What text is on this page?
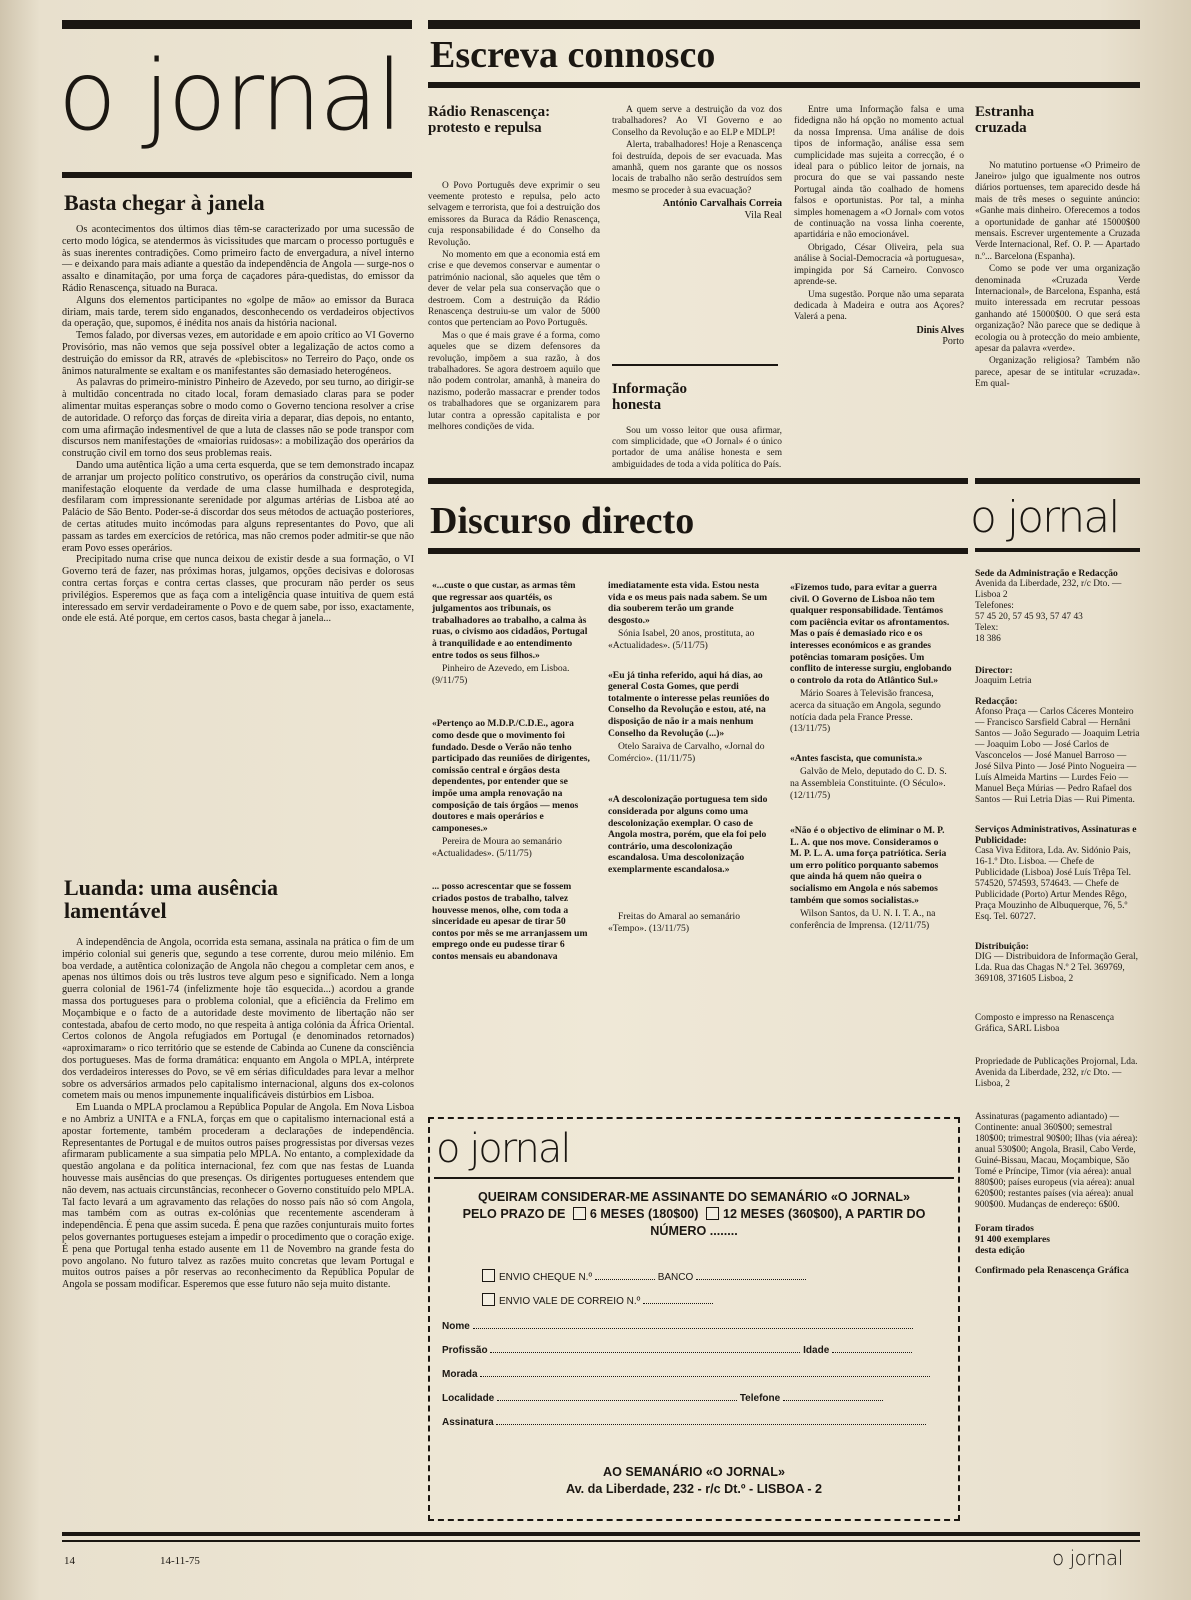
o jornal Escreva connosco
Rádio Renascença: protesto e repulsa

O Povo Português deve exprimir o seu veemente protesto e repulsa, pelo acto selvagem e terrorista, que foi a destruição dos emissores da Buraca da Rádio Renascença, cuja responsabilidade é do Conselho da Revolução.

No momento em que a economia está em crise e que devemos conservar e aumentar o património nacional, são aqueles que têm o dever de velar pela sua conservação que o destroem. Com a destruição da Rádio Renascença destruiu-se um valor de 5000 contos que pertenciam ao Povo Português.

Mas o que é mais grave é a forma, como aqueles que se dizem defensores da revolução, impõem a sua razão, à dos trabalhadores. Se agora destroem aquilo que não podem controlar, amanhã, à maneira do nazismo, poderão massacrar e prender todos os trabalhadores que se organizarem para lutar contra a opressão capitalista e por melhores condições de vida.

A quem serve a destruição da voz dos trabalhadores? Ao VI Governo e ao Conselho da Revolução e ao ELP e MDLP!

Alerta, trabalhadores! Hoje a Renascença foi destruída, depois de ser evacuada. Mas amanhã, quem nos garante que os nossos locais de trabalho não serão destruídos sem mesmo se proceder à sua evacuação?

António Carvalhais Correia
Vila Real
Informação honesta

Sou um vosso leitor que ousa afirmar, com simplicidade, que «O Jornal» é o único portador de uma análise honesta e sem ambiguidades de toda a vida política do País.

Entre uma Informação falsa e uma fidedigna não há opção no momento actual da nossa Imprensa. Uma análise de dois tipos de informação, análise essa sem cumplicidade mas sujeita a correcção, é o ideal para o público leitor de jornais, na procura do que se vai passando neste Portugal ainda tão coalhado de homens falsos e oportunistas. Por tal, a minha simples homenagem a «O Jornal» com votos de continuação na vossa linha coerente, apartidária e não emocionável.

Obrigado, César Oliveira, pela sua análise à Social-Democracia «à portuguesa», impingida por Sá Carneiro. Convosco aprende-se.

Uma sugestão. Porque não uma separata dedicada à Madeira e outra aos Açores? Valerá a pena.

Dinis Alves
Porto
Estranha cruzada

No matutino portuense «O Primeiro de Janeiro» julgo que igualmente nos outros diários portuenses, tem aparecido desde há mais de três meses o seguinte anúncio: «Ganhe mais dinheiro. Oferecemos a todos a oportunidade de ganhar até 15000$00 mensais. Escrever urgentemente a Cruzada Verde Internacional, Ref. O. P. — Apartado n.º... Barcelona (Espanha).

Como se pode ver uma organização denominada «Cruzada Verde Internacional», de Barcelona, Espanha, está muito interessada em recrutar pessoas ganhando até 15000$00. O que será esta organização? Não parece que se dedique à ecologia ou à protecção do meio ambiente, apesar da palavra «verde».

Organização religiosa? Também não parece, apesar de se intitular «cruzada». Em qual-

Basta chegar à janela

Os acontecimentos dos últimos dias têm-se caracterizado por uma sucessão de certo modo lógica, se atendermos às vicissitudes que marcam o processo português e às suas inerentes contradições. Como primeiro facto de envergadura, a nível interno — e deixando para mais adiante a questão da independência de Angola — surge-nos o assalto e dinamitação, por uma força de caçadores pára-quedistas, do emissor da Rádio Renascença, situado na Buraca.

Alguns dos elementos participantes no «golpe de mão» ao emissor da Buraca diriam, mais tarde, terem sido enganados, desconhecendo os verdadeiros objectivos da operação, que, supomos, é inédita nos anais da história nacional.

Temos falado, por diversas vezes, em autoridade e em apoio crítico ao VI Governo Provisório, mas não vemos que seja possível obter a legalização de actos como a destruição do emissor da RR, através de «plebiscitos» no Terreiro do Paço, onde os ânimos naturalmente se exaltam e os manifestantes são demasiado heterogéneos.

As palavras do primeiro-ministro Pinheiro de Azevedo, por seu turno, ao dirigir-se à multidão concentrada no citado local, foram demasiado claras para se poder alimentar muitas esperanças sobre o modo como o Governo tenciona resolver a crise de autoridade. O reforço das forças de direita viria a deparar, dias depois, no entanto, com uma afirmação indesmentível de que a luta de classes não se pode transpor com discursos nem manifestações de «maiorias ruidosas»: a mobilização dos operários da construção civil em torno dos seus problemas reais.

Dando uma autêntica lição a uma certa esquerda, que se tem demonstrado incapaz de arranjar um projecto político construtivo, os operários da construção civil, numa manifestação eloquente da verdade de uma classe humilhada e desprotegida, desfilaram com impressionante serenidade por algumas artérias de Lisboa até ao Palácio de São Bento. Poder-se-á discordar dos seus métodos de actuação posteriores, de certas atitudes muito incómodas para alguns representantes do Povo, que ali passam as tardes em exercícios de retórica, mas não cremos poder admitir-se que não eram Povo esses operários.

Precipitado numa crise que nunca deixou de existir desde a sua formação, o VI Governo terá de fazer, nas próximas horas, julgamos, opções decisivas e dolorosas contra certas forças e contra certas classes, que procuram não perder os seus privilégios. Esperemos que as faça com a inteligência quase intuitiva de quem está interessado em servir verdadeiramente o Povo e de quem sabe, por isso, exactamente, onde ele está. Até porque, em certos casos, basta chegar à janela...

Luanda: uma ausência lamentável

A independência de Angola, ocorrida esta semana, assinala na prática o fim de um império colonial sui generis que, segundo a tese corrente, durou meio milénio. Em boa verdade, a autêntica colonização de Angola não chegou a completar cem anos, e apenas nos últimos dois ou três lustros teve algum peso e significado. Nem a longa guerra colonial de 1961-74 (infelizmente hoje tão esquecida...) acordou a grande massa dos portugueses para o problema colonial, que a eficiência da Frelimo em Moçambique e o facto de a autoridade deste movimento de libertação não ser contestada, abafou de certo modo, no que respeita à antiga colónia da África Oriental. Certos colonos de Angola refugiados em Portugal (e denominados retornados) «aproximaram» o rico território que se estende de Cabinda ao Cunene da consciência dos portugueses. Mas de forma dramática: enquanto em Angola o MPLA, intérprete dos verdadeiros interesses do Povo, se vê em sérias dificuldades para levar a melhor sobre os adversários armados pelo capitalismo internacional, alguns dos ex-colonos cometem mais ou menos impunemente inqualificáveis distúrbios em Lisboa.

Em Luanda o MPLA proclamou a República Popular de Angola. Em Nova Lisboa e no Ambriz a UNITA e a FNLA, forças em que o capitalismo internacional está a apostar fortemente, também procederam a declarações de independência. Representantes de Portugal e de muitos outros países progressistas por diversas vezes afirmaram publicamente a sua simpatia pelo MPLA. No entanto, a complexidade da questão angolana e da política internacional, fez com que nas festas de Luanda houvesse mais ausências do que presenças. Os dirigentes portugueses entendem que não devem, nas actuais circunstâncias, reconhecer o Governo constituído pelo MPLA. Tal facto levará a um agravamento das relações do nosso país não só com Angola, mas também com as outras ex-colónias que recentemente ascenderam à independência. É pena que assim suceda. É pena que razões conjunturais muito fortes pelos governantes portugueses estejam a impedir o procedimento que o coração exige. É pena que Portugal tenha estado ausente em 11 de Novembro na grande festa do povo angolano. No futuro talvez as razões muito concretas que levam Portugal e muitos outros países a pôr reservas ao reconhecimento da República Popular de Angola se possam modificar. Esperemos que esse futuro não seja muito distante.

Discurso directo
«...custe o que custar, as armas têm que regressar aos quartéis, os julgamentos aos tribunais, os trabalhadores ao trabalho, a calma às ruas, o civismo aos cidadãos, Portugal à tranquilidade e ao entendimento entre todos os seus filhos.»
Pinheiro de Azevedo, em Lisboa. (9/11/75)
«Pertenço ao M.D.P./C.D.E., agora como desde que o movimento foi fundado. Desde o Verão não tenho participado das reuniões de dirigentes, comissão central e órgãos desta dependentes, por entender que se impõe uma ampla renovação na composição de tais órgãos — menos doutores e mais operários e camponeses.»
Pereira de Moura ao semanário «Actualidades». (5/11/75)
... posso acrescentar que se fossem criados postos de trabalho, talvez houvesse menos, olhe, com toda a sinceridade eu apesar de tirar 50 contos por mês se me arranjassem um emprego onde eu pudesse tirar 6 contos mensais eu abandonava
imediatamente esta vida. Estou nesta vida e os meus pais nada sabem. Se um dia souberem terão um grande desgosto.»
Sónia Isabel, 20 anos, prostituta, ao «Actualidades». (5/11/75)
«Eu já tinha referido, aqui há dias, ao general Costa Gomes, que perdi totalmente o interesse pelas reuniões do Conselho da Revolução e estou, até, na disposição de não ir a mais nenhum Conselho da Revolução (...)»
Otelo Saraiva de Carvalho, «Jornal do Comércio». (11/11/75)
«A descolonização portuguesa tem sido considerada por alguns como uma descolonização exemplar. O caso de Angola mostra, porém, que ela foi pelo contrário, uma descolonização escandalosa. Uma descolonização exemplarmente escandalosa.»
Freitas do Amaral ao semanário «Tempo». (13/11/75)
«Fizemos tudo, para evitar a guerra civil. O Governo de Lisboa não tem qualquer responsabilidade. Tentámos com paciência evitar os afrontamentos. Mas o país é demasiado rico e os interesses económicos e as grandes potências tomaram posições. Um conflito de interesse surgiu, englobando o controlo da rota do Atlântico Sul.»
Mário Soares à Televisão francesa, acerca da situação em Angola, segundo notícia dada pela France Presse. (13/11/75)
«Antes fascista, que comunista.»
Galvão de Melo, deputado do C. D. S. na Assembleia Constituinte. (O Século». (12/11/75)
«Não é o objectivo de eliminar o M. P. L. A. que nos move. Consideramos o M. P. L. A. uma força patriótica. Seria um erro político porquanto sabemos que ainda há quem não queira o socialismo em Angola e nós sabemos também que somos socialistas.»
Wilson Santos, da U. N. I. T. A., na conferência de Imprensa. (12/11/75)
o jornal
QUEIRAM CONSIDERAR-ME ASSINANTE DO SEMANÁRIO «O JORNAL»
PELO PRAZO DE 6 MESES (180$00) 12 MESES (360$00), A PARTIR DO
NÚMERO ........
ENVIO CHEQUE N.º	BANCO
ENVIO VALE DE CORREIO N.º
Nome
Profissão	Idade
Morada
Localidade	Telefone
Assinatura
AO SEMANÁRIO «O JORNAL»
Av. da Liberdade, 232 - r/c Dt.º - LISBOA - 2
o jornal
Sede da Administração e Redacção
Avenida da Liberdade, 232, r/c Dto. — Lisboa 2
Telefones:
57 45 20, 57 45 93, 57 47 43
Telex:

18 386

Director:

Joaquim Letria

Redacção:

Afonso Praça — Carlos Cáceres Monteiro — Francisco Sarsfield Cabral — Hernâni Santos — João Segurado — Joaquim Letria — Joaquim Lobo — José Carlos de Vasconcelos — José Manuel Barroso — José Silva Pinto — José Pinto Nogueira — Luís Almeida Martins — Lurdes Feio — Manuel Beça Múrias — Pedro Rafael dos Santos — Rui Letria Dias — Rui Pimenta.

Serviços Administrativos, Assinaturas e Publicidade:

Casa Viva Editora, Lda. Av. Sidónio Pais, 16-1.º Dto. Lisboa. — Chefe de Publicidade (Lisboa) José Luís Trêpa Tel. 574520, 574593, 574643. — Chefe de Publicidade (Porto) Artur Mendes Rêgo, Praça Mouzinho de Albuquerque, 76, 5.º Esq. Tel. 60727.

Distribuição:

DIG — Distribuidora de Informação Geral, Lda. Rua das Chagas N.º 2 Tel. 369769, 369108, 371605 Lisboa, 2

Composto e impresso na Renascença Gráfica, SARL Lisboa

Propriedade de Publicações Projornal, Lda. Avenida da Liberdade, 232, r/c Dto. — Lisboa, 2

Assinaturas (pagamento adiantado) — Continente: anual 360$00; semestral 180$00; trimestral 90$00; Ilhas (via aérea): anual 530$00; Angola, Brasil, Cabo Verde, Guiné-Bissau, Macau, Moçambique, São Tomé e Príncipe, Timor (via aérea): anual 880$00; países europeus (via aérea): anual 620$00; restantes países (via aérea): anual 900$00. Mudanças de endereço: 6$00.

Foram tirados
91 400 exemplares

desta edição

Confirmado pela Renascença Gráfica
14	14-11-75	o jornal
